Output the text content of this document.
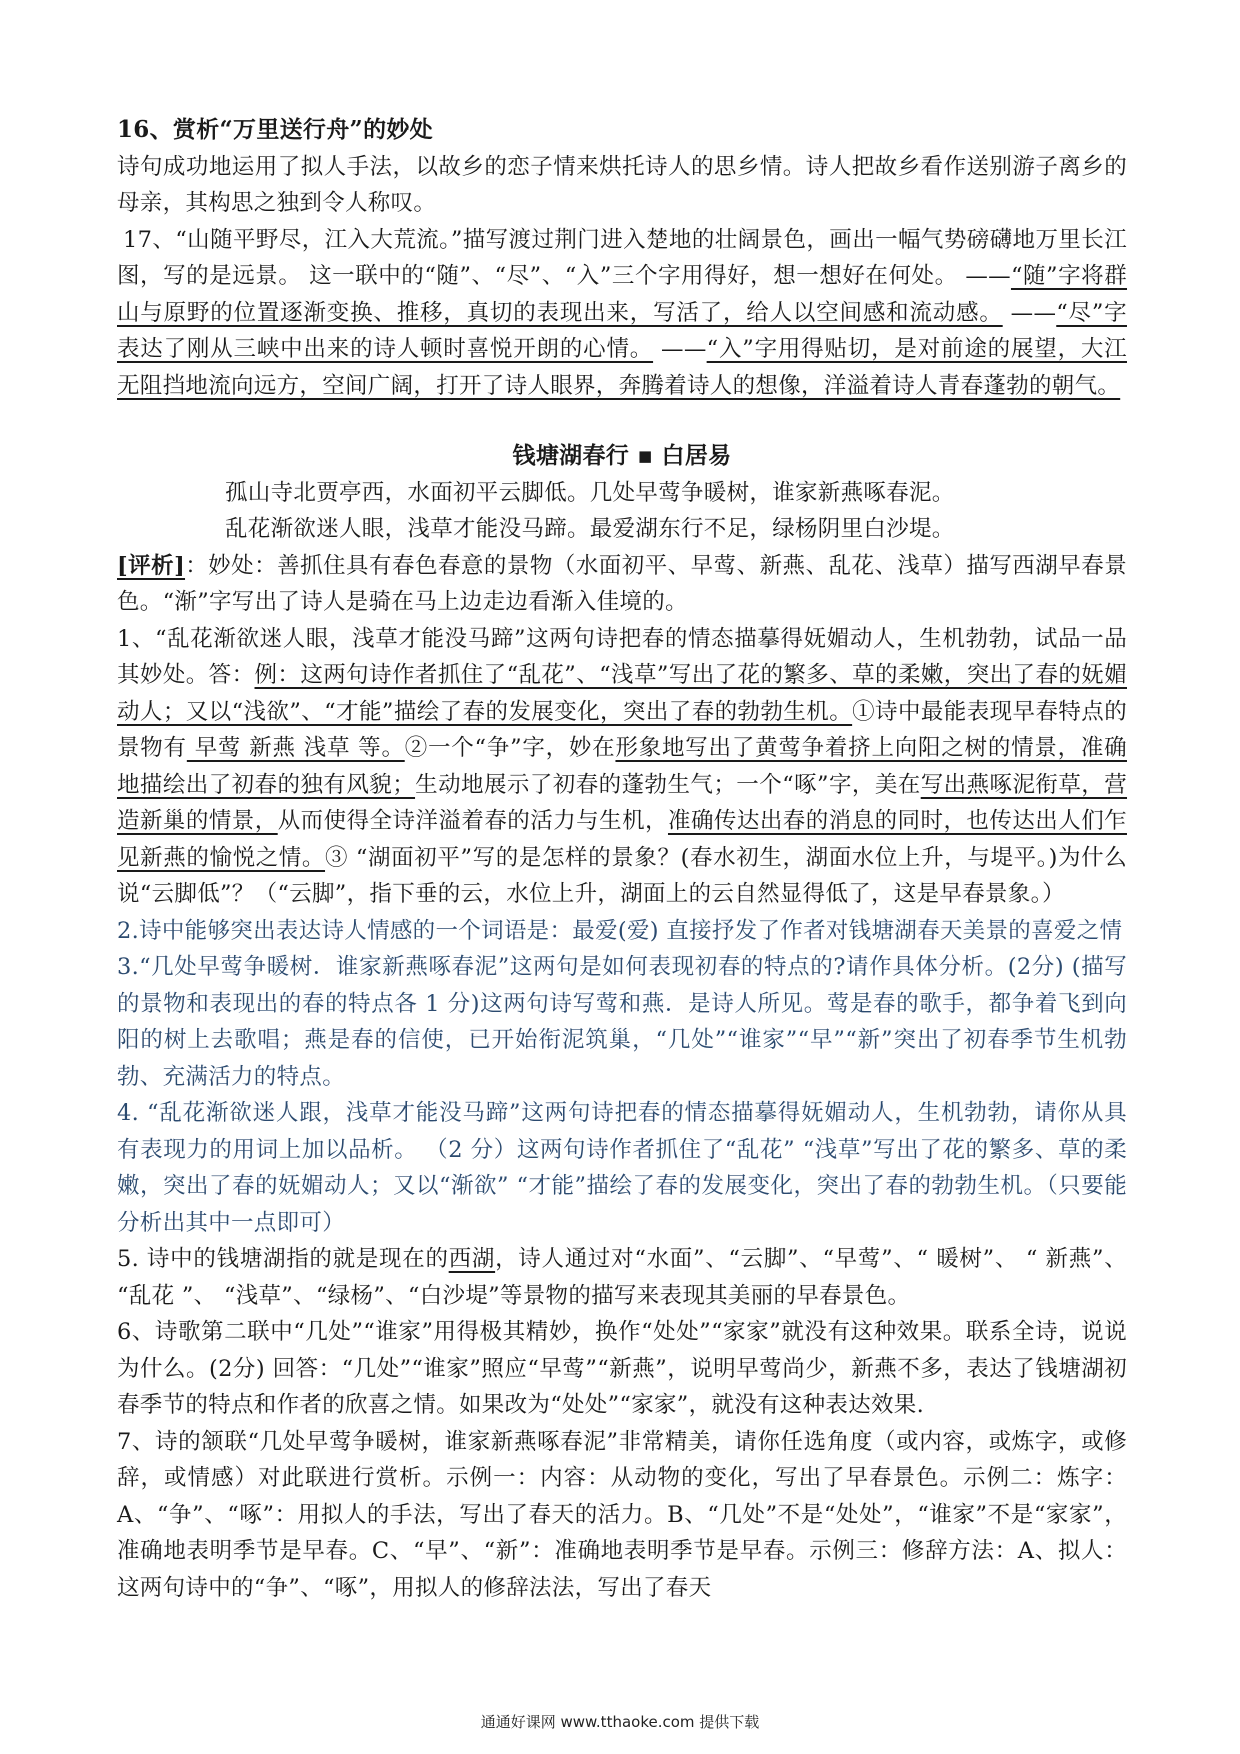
16、赏析“万里送行舟”的妙处

诗句成功地运用了拟人手法，以故乡的恋子情来烘托诗人的思乡情。诗人把故乡看作送别游子离乡的母亲，其构思之独到令人称叹。

17、“山随平野尽，江入大荒流。”描写渡过荆门进入楚地的壮阔景色，画出一幅气势磅礴地万里长江图，写的是远景。 这一联中的“随”、“尽”、“入”三个字用得好，想一想好在何处。 ——“随”字将群山与原野的位置逐渐变换、推移，真切的表现出来，写活了，给人以空间感和流动感。 ——“尽”字表达了刚从三峡中出来的诗人顿时喜悦开朗的心情。 ——“入”字用得贴切，是对前途的展望，大江无阻挡地流向远方，空间广阔，打开了诗人眼界，奔腾着诗人的想像，洋溢着诗人青春蓬勃的朝气。

钱塘湖春行 ▪ 白居易

孤山寺北贾亭西，水面初平云脚低。几处早莺争暖树，谁家新燕啄春泥。

乱花渐欲迷人眼，浅草才能没马蹄。最爱湖东行不足，绿杨阴里白沙堤。

[评析]：妙处：善抓住具有春色春意的景物（水面初平、早莺、新燕、乱花、浅草）描写西湖早春景色。“渐”字写出了诗人是骑在马上边走边看渐入佳境的。

1、“乱花渐欲迷人眼，浅草才能没马蹄”这两句诗把春的情态描摹得妩媚动人，生机勃勃，试品一品其妙处。答：例：这两句诗作者抓住了“乱花”、“浅草”写出了花的繁多、草的柔嫩，突出了春的妩媚动人；又以“浅欲”、“才能”描绘了春的发展变化，突出了春的勃勃生机。①诗中最能表现早春特点的景物有 早莺 新燕 浅草 等。②一个“争”字，妙在形象地写出了黄莺争着挤上向阳之树的情景，准确地描绘出了初春的独有风貌；生动地展示了初春的蓬勃生气；一个“啄”字，美在写出燕啄泥衔草，营造新巢的情景，从而使得全诗洋溢着春的活力与生机，准确传达出春的消息的同时，也传达出人们乍见新燕的愉悦之情。③ “湖面初平”写的是怎样的景象？(春水初生，湖面水位上升，与堤平。)为什么说“云脚低”？（“云脚”，指下垂的云，水位上升，湖面上的云自然显得低了，这是早春景象。）

2.诗中能够突出表达诗人情感的一个词语是：最爱(爱) 直接抒发了作者对钱塘湖春天美景的喜爱之情

3.“几处早莺争暖树．谁家新燕啄春泥”这两句是如何表现初春的特点的?请作具体分析。(2分) (描写的景物和表现出的春的特点各 1 分)这两句诗写莺和燕．是诗人所见。莺是春的歌手，都争着飞到向阳的树上去歌唱；燕是春的信使，已开始衔泥筑巢，“几处”“谁家”“早”“新”突出了初春季节生机勃勃、充满活力的特点。

4. “乱花渐欲迷人跟，浅草才能没马蹄”这两句诗把春的情态描摹得妩媚动人，生机勃勃，请你从具有表现力的用词上加以品析。 （2 分）这两句诗作者抓住了“乱花” “浅草”写出了花的繁多、草的柔嫩，突出了春的妩媚动人；又以“渐欲” “才能”描绘了春的发展变化，突出了春的勃勃生机。（只要能分析出其中一点即可）

5. 诗中的钱塘湖指的就是现在的西湖，诗人通过对“水面”、“云脚”、“早莺”、“ 暖树”、 “ 新燕”、 “乱花 ”、 “浅草”、“绿杨”、“白沙堤”等景物的描写来表现其美丽的早春景色。

6、诗歌第二联中“几处”“谁家”用得极其精妙，换作“处处”“家家”就没有这种效果。联系全诗，说说为什么。(2分) 回答：“几处”“谁家”照应“早莺”“新燕”，说明早莺尚少，新燕不多，表达了钱塘湖初春季节的特点和作者的欣喜之情。如果改为“处处”“家家”，就没有这种表达效果.

7、诗的颔联“几处早莺争暖树，谁家新燕啄春泥”非常精美，请你任选角度（或内容，或炼字，或修辞，或情感）对此联进行赏析。示例一：内容：从动物的变化，写出了早春景色。示例二：炼字：A、“争”、“啄”：用拟人的手法，写出了春天的活力。B、“几处”不是“处处”，“谁家”不是“家家”，准确地表明季节是早春。C、“早”、“新”：准确地表明季节是早春。示例三：修辞方法：A、拟人：这两句诗中的“争”、“啄”，用拟人的修辞法法，写出了春天

通通好课网 www.tthaoke.com 提供下载
